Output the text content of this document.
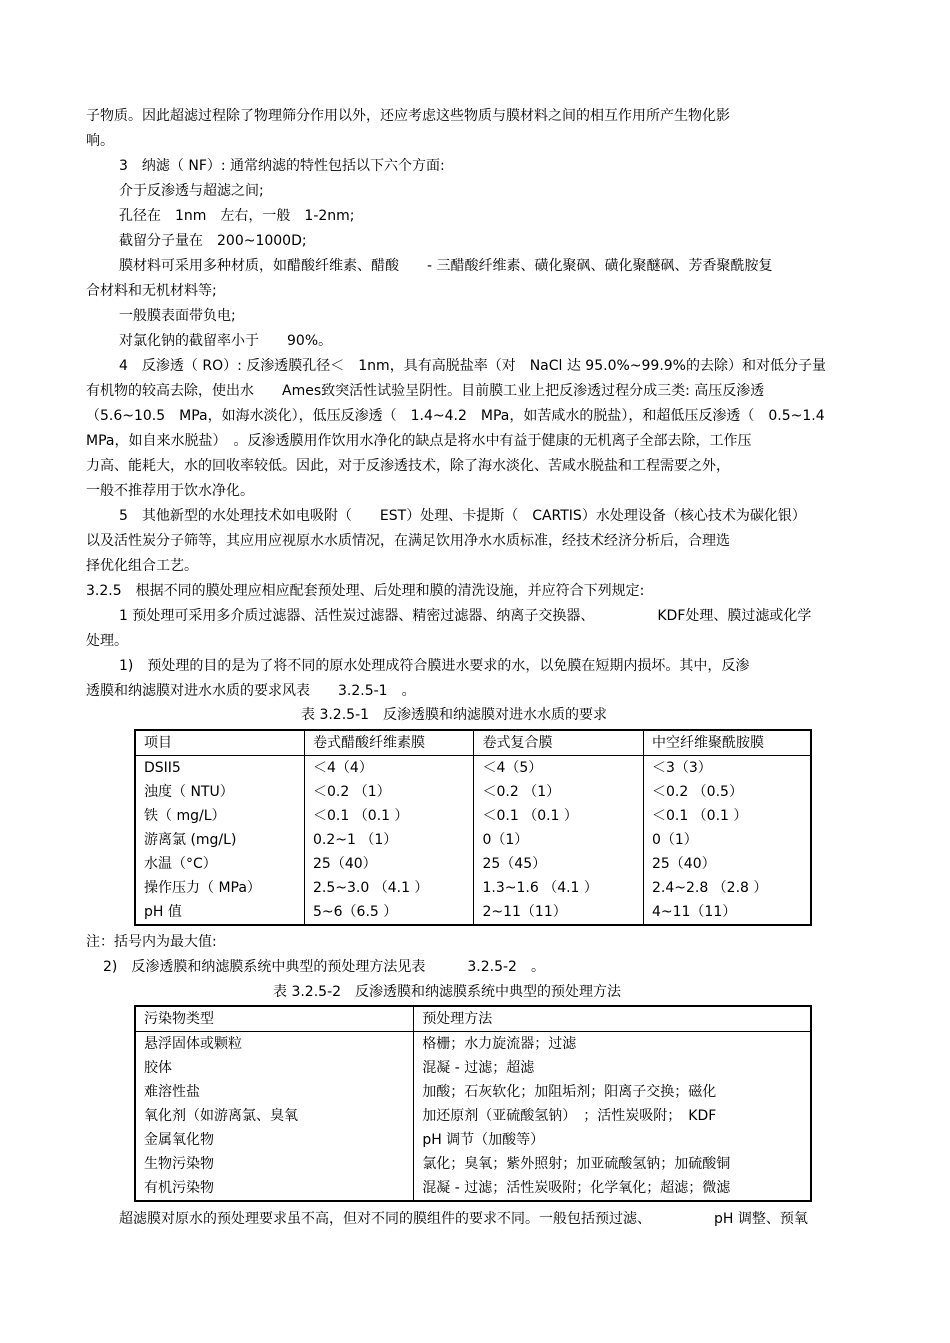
子物质。因此超滤过程除了物理筛分作用以外，还应考虑这些物质与膜材料之间的相互作用所产生物化影
响。
3　纳滤（ NF）: 通常纳滤的特性包括以下六个方面:
介于反渗透与超滤之间;
孔径在　1nm　左右，一般　1-2nm;
截留分子量在　200~1000D;
膜材料可采用多种材质，如醋酸纤维素、醋酸　　- 三醋酸纤维素、磺化聚砜、磺化聚醚砜、芳香聚酰胺复
合材料和无机材料等;
一般膜表面带负电;
对氯化钠的截留率小于　　90%。
4　反渗透（ RO）: 反渗透膜孔径＜　1nm，具有高脱盐率（对　NaCl 达 95.0%~99.9%的去除）和对低分子量
有机物的较高去除，使出水　　Ames致突活性试验呈阴性。目前膜工业上把反渗透过程分成三类: 高压反渗透
（5.6~10.5　MPa，如海水淡化），低压反渗透（　1.4~4.2　MPa，如苦咸水的脱盐），和超低压反渗透（　0.5~1.4
MPa，如自来水脱盐）　。反渗透膜用作饮用水净化的缺点是将水中有益于健康的无机离子全部去除，工作压
力高、能耗大，水的回收率较低。因此，对于反渗透技术，除了海水淡化、苦咸水脱盐和工程需要之外，
一般不推荐用于饮水净化。
5　其他新型的水处理技术如电吸附（　　EST）处理、卡提斯（　CARTIS）水处理设备（核心技术为碳化银）
以及活性炭分子筛等，其应用应视原水水质情况，在满足饮用净水水质标准，经技术经济分析后，合理选
择优化组合工艺。
3.2.5　根据不同的膜处理应相应配套预处理、后处理和膜的清洗设施，并应符合下列规定:
1 预处理可采用多介质过滤器、活性炭过滤器、精密过滤器、纳离子交换器、　　　　　KDF处理、膜过滤或化学
处理。
1)　预处理的目的是为了将不同的原水处理成符合膜进水要求的水，以免膜在短期内损坏。其中，反渗
透膜和纳滤膜对进水水质的要求风表　　3.2.5-1　。
表 3.2.5-1　反渗透膜和纳滤膜对进水水质的要求
项目	卷式醋酸纤维素膜	卷式复合膜	中空纤维聚酰胺膜
DSII5	＜4（4）	＜4（5）	＜3（3）
浊度（ NTU）	＜0.2 （1）	＜0.2 （1）	＜0.2 （0.5）
铁（ mg/L）	＜0.1 （0.1 ）	＜0.1 （0.1 ）	＜0.1 （0.1 ）
游离氯 (mg/L)	0.2~1 （1）	0（1）	0（1）
水温（°C）	25（40）	25（45）	25（40）
操作压力（ MPa）	2.5~3.0 （4.1 ）	1.3~1.6 （4.1 ）	2.4~2.8 （2.8 ）
pH 值	5~6（6.5 ）	2~11（11）	4~11（11）
注：括号内为最大值:
2)　反渗透膜和纳滤膜系统中典型的预处理方法见表　　　3.2.5-2　。
表 3.2.5-2　反渗透膜和纳滤膜系统中典型的预处理方法
污染物类型	预处理方法
悬浮固体或颗粒	格栅；水力旋流器；过滤
胶体	混凝 - 过滤；超滤
难溶性盐	加酸；石灰软化；加阻垢剂；阳离子交换；磁化
氧化剂（如游离氯、臭氧	加还原剂（亚硫酸氢钠）　；活性炭吸附；　KDF
金属氧化物	pH 调节（加酸等）
生物污染物	氯化；臭氧；紫外照射；加亚硫酸氢钠；加硫酸铜
有机污染物	混凝 - 过滤；活性炭吸附；化学氧化；超滤；微滤
超滤膜对原水的预处理要求虽不高，但对不同的膜组件的要求不同。一般包括预过滤、　　　　　pH 调整、预氧
